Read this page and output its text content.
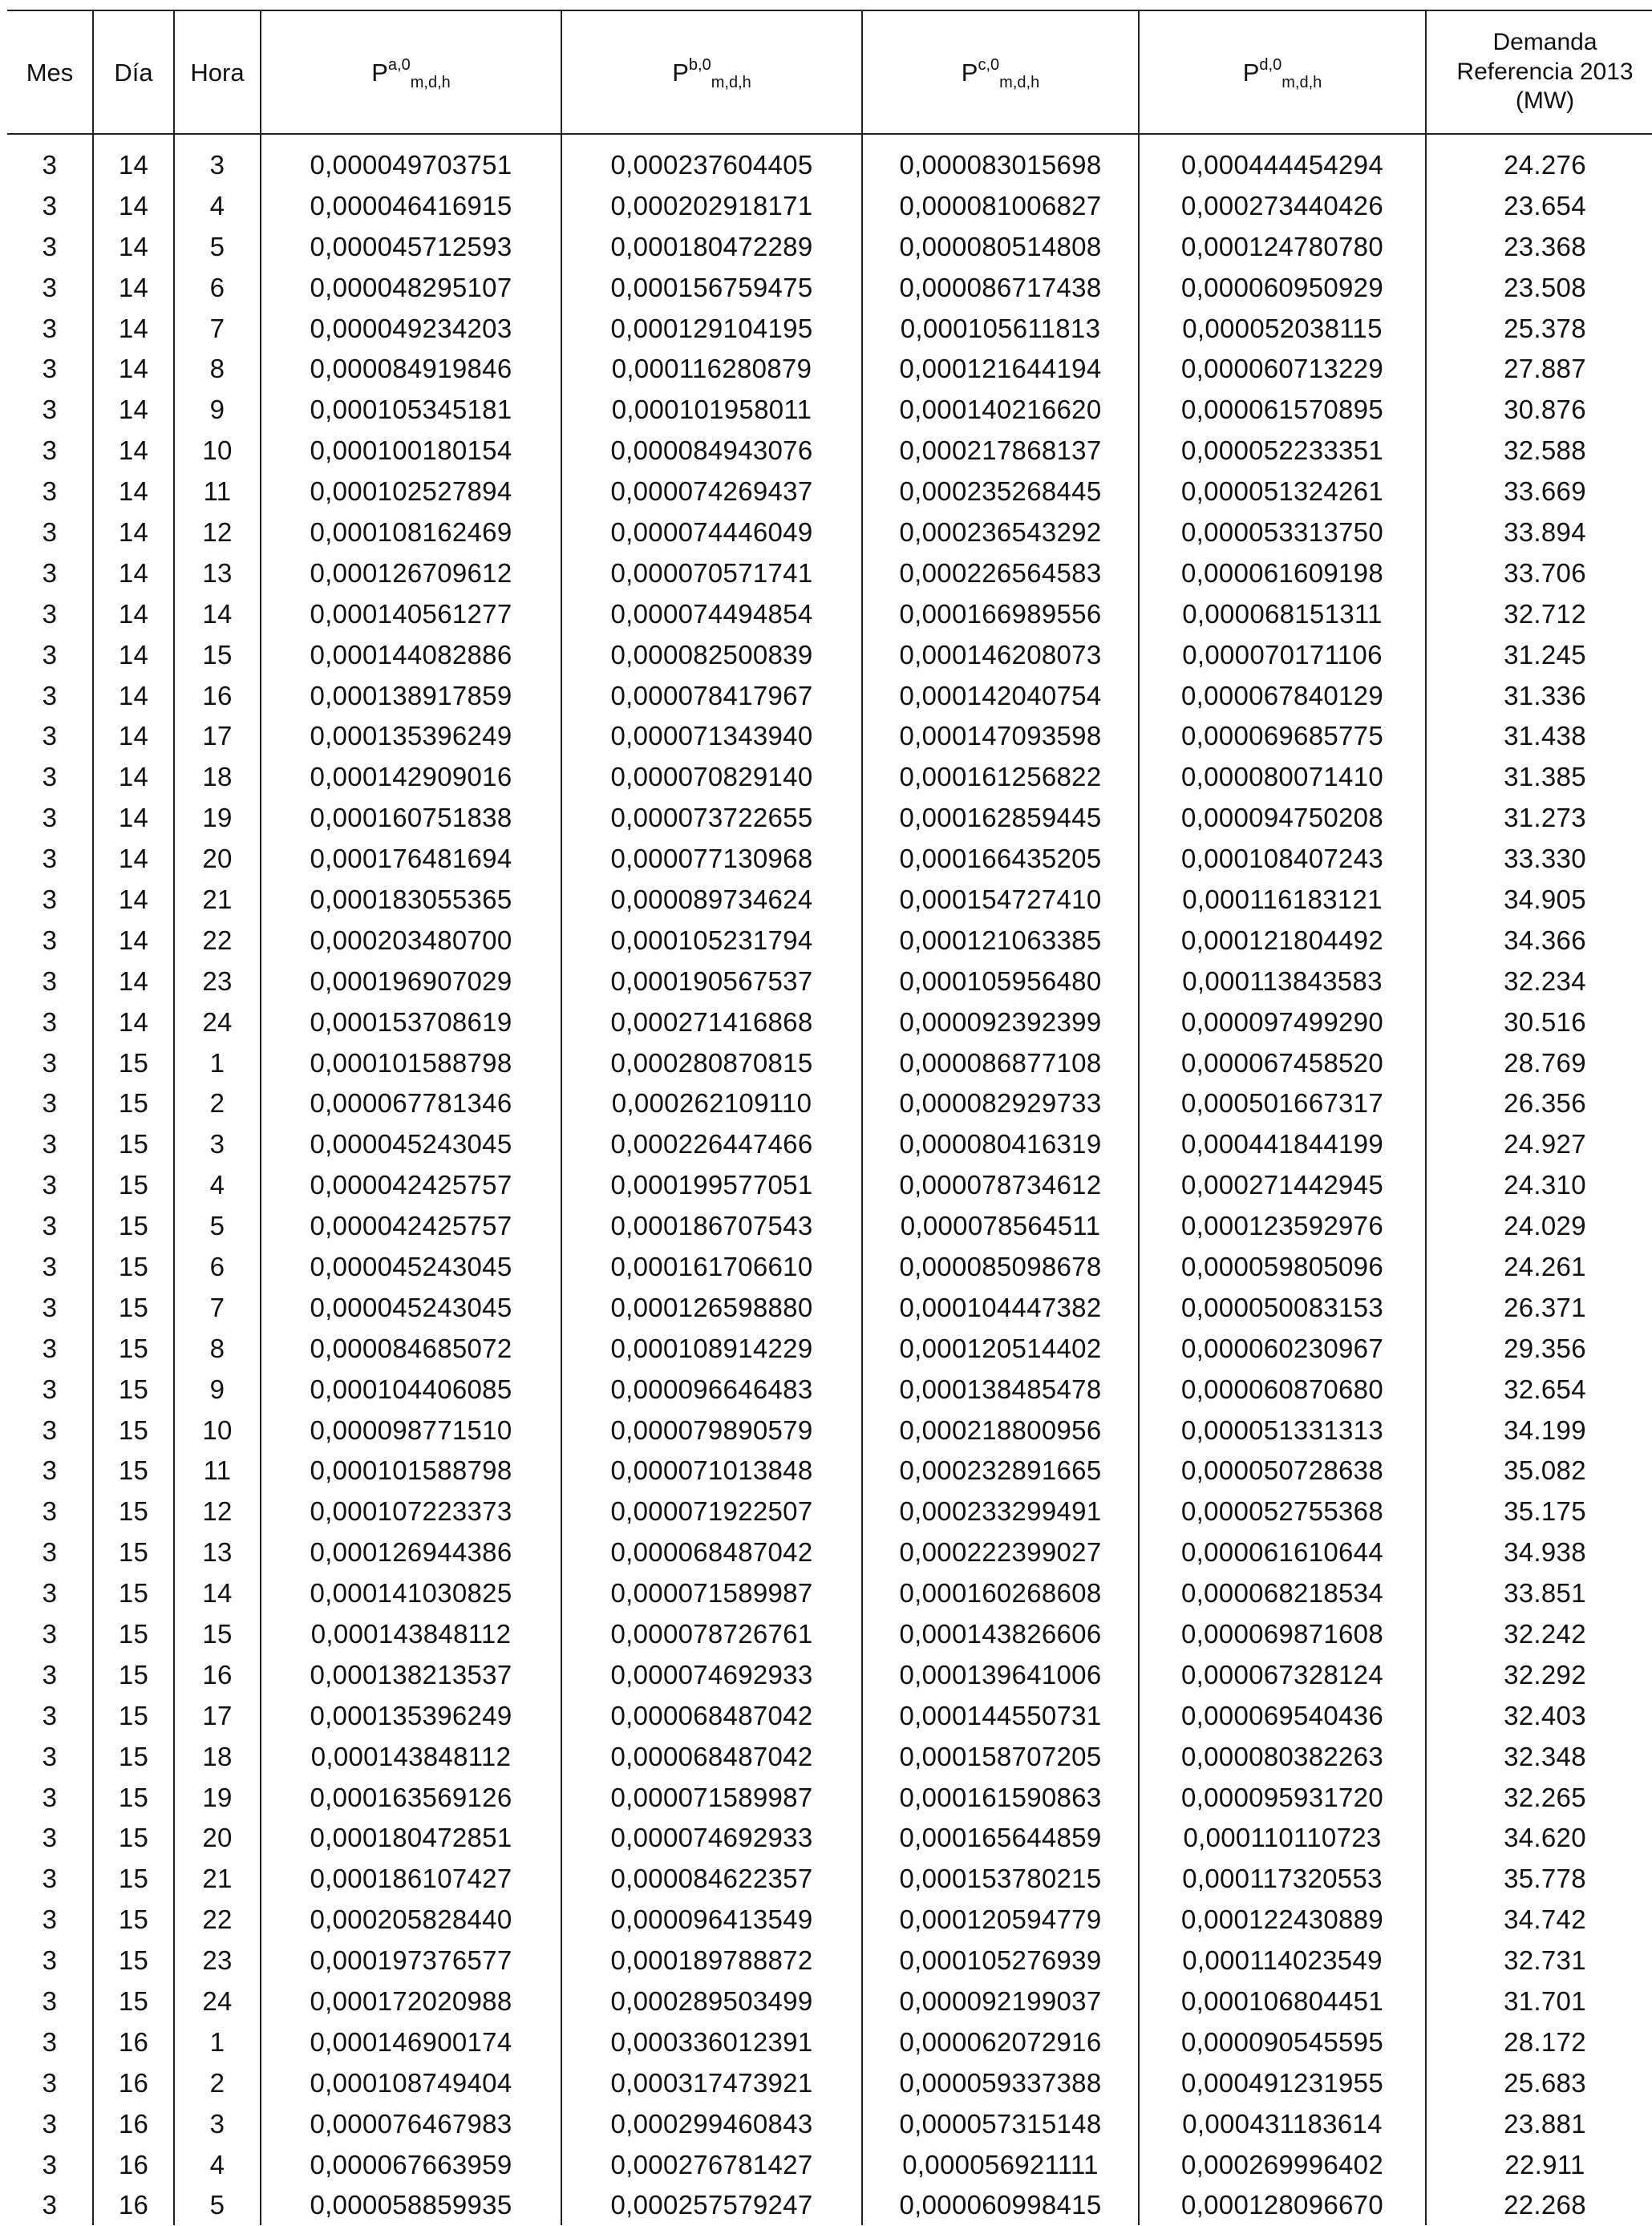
Mes	Día	Hora	P$^{a,0}_{m,d,h}$	P$^{b,0}_{m,d,h}$	P$^{c,0}_{m,d,h}$	P$^{d,0}_{m,d,h}$	Demanda
Referencia 2013
(MW)

3	14	3	0,000049703751	0,000237604405	0,000083015698	0,000444454294	24.276
3	14	4	0,000046416915	0,000202918171	0,000081006827	0,000273440426	23.654
3	14	5	0,000045712593	0,000180472289	0,000080514808	0,000124780780	23.368
3	14	6	0,000048295107	0,000156759475	0,000086717438	0,000060950929	23.508
3	14	7	0,000049234203	0,000129104195	0,000105611813	0,000052038115	25.378
3	14	8	0,000084919846	0,000116280879	0,000121644194	0,000060713229	27.887
3	14	9	0,000105345181	0,000101958011	0,000140216620	0,000061570895	30.876
3	14	10	0,000100180154	0,000084943076	0,000217868137	0,000052233351	32.588
3	14	11	0,000102527894	0,000074269437	0,000235268445	0,000051324261	33.669
3	14	12	0,000108162469	0,000074446049	0,000236543292	0,000053313750	33.894
3	14	13	0,000126709612	0,000070571741	0,000226564583	0,000061609198	33.706
3	14	14	0,000140561277	0,000074494854	0,000166989556	0,000068151311	32.712
3	14	15	0,000144082886	0,000082500839	0,000146208073	0,000070171106	31.245
3	14	16	0,000138917859	0,000078417967	0,000142040754	0,000067840129	31.336
3	14	17	0,000135396249	0,000071343940	0,000147093598	0,000069685775	31.438
3	14	18	0,000142909016	0,000070829140	0,000161256822	0,000080071410	31.385
3	14	19	0,000160751838	0,000073722655	0,000162859445	0,000094750208	31.273
3	14	20	0,000176481694	0,000077130968	0,000166435205	0,000108407243	33.330
3	14	21	0,000183055365	0,000089734624	0,000154727410	0,000116183121	34.905
3	14	22	0,000203480700	0,000105231794	0,000121063385	0,000121804492	34.366
3	14	23	0,000196907029	0,000190567537	0,000105956480	0,000113843583	32.234
3	14	24	0,000153708619	0,000271416868	0,000092392399	0,000097499290	30.516
3	15	1	0,000101588798	0,000280870815	0,000086877108	0,000067458520	28.769
3	15	2	0,000067781346	0,000262109110	0,000082929733	0,000501667317	26.356
3	15	3	0,000045243045	0,000226447466	0,000080416319	0,000441844199	24.927
3	15	4	0,000042425757	0,000199577051	0,000078734612	0,000271442945	24.310
3	15	5	0,000042425757	0,000186707543	0,000078564511	0,000123592976	24.029
3	15	6	0,000045243045	0,000161706610	0,000085098678	0,000059805096	24.261
3	15	7	0,000045243045	0,000126598880	0,000104447382	0,000050083153	26.371
3	15	8	0,000084685072	0,000108914229	0,000120514402	0,000060230967	29.356
3	15	9	0,000104406085	0,000096646483	0,000138485478	0,000060870680	32.654
3	15	10	0,000098771510	0,000079890579	0,000218800956	0,000051331313	34.199
3	15	11	0,000101588798	0,000071013848	0,000232891665	0,000050728638	35.082
3	15	12	0,000107223373	0,000071922507	0,000233299491	0,000052755368	35.175
3	15	13	0,000126944386	0,000068487042	0,000222399027	0,000061610644	34.938
3	15	14	0,000141030825	0,000071589987	0,000160268608	0,000068218534	33.851
3	15	15	0,000143848112	0,000078726761	0,000143826606	0,000069871608	32.242
3	15	16	0,000138213537	0,000074692933	0,000139641006	0,000067328124	32.292
3	15	17	0,000135396249	0,000068487042	0,000144550731	0,000069540436	32.403
3	15	18	0,000143848112	0,000068487042	0,000158707205	0,000080382263	32.348
3	15	19	0,000163569126	0,000071589987	0,000161590863	0,000095931720	32.265
3	15	20	0,000180472851	0,000074692933	0,000165644859	0,000110110723	34.620
3	15	21	0,000186107427	0,000084622357	0,000153780215	0,000117320553	35.778
3	15	22	0,000205828440	0,000096413549	0,000120594779	0,000122430889	34.742
3	15	23	0,000197376577	0,000189788872	0,000105276939	0,000114023549	32.731
3	15	24	0,000172020988	0,000289503499	0,000092199037	0,000106804451	31.701
3	16	1	0,000146900174	0,000336012391	0,000062072916	0,000090545595	28.172
3	16	2	0,000108749404	0,000317473921	0,000059337388	0,000491231955	25.683
3	16	3	0,000076467983	0,000299460843	0,000057315148	0,000431183614	23.881
3	16	4	0,000067663959	0,000276781427	0,000056921111	0,000269996402	22.911
3	16	5	0,000058859935	0,000257579247	0,000060998415	0,000128096670	22.268
